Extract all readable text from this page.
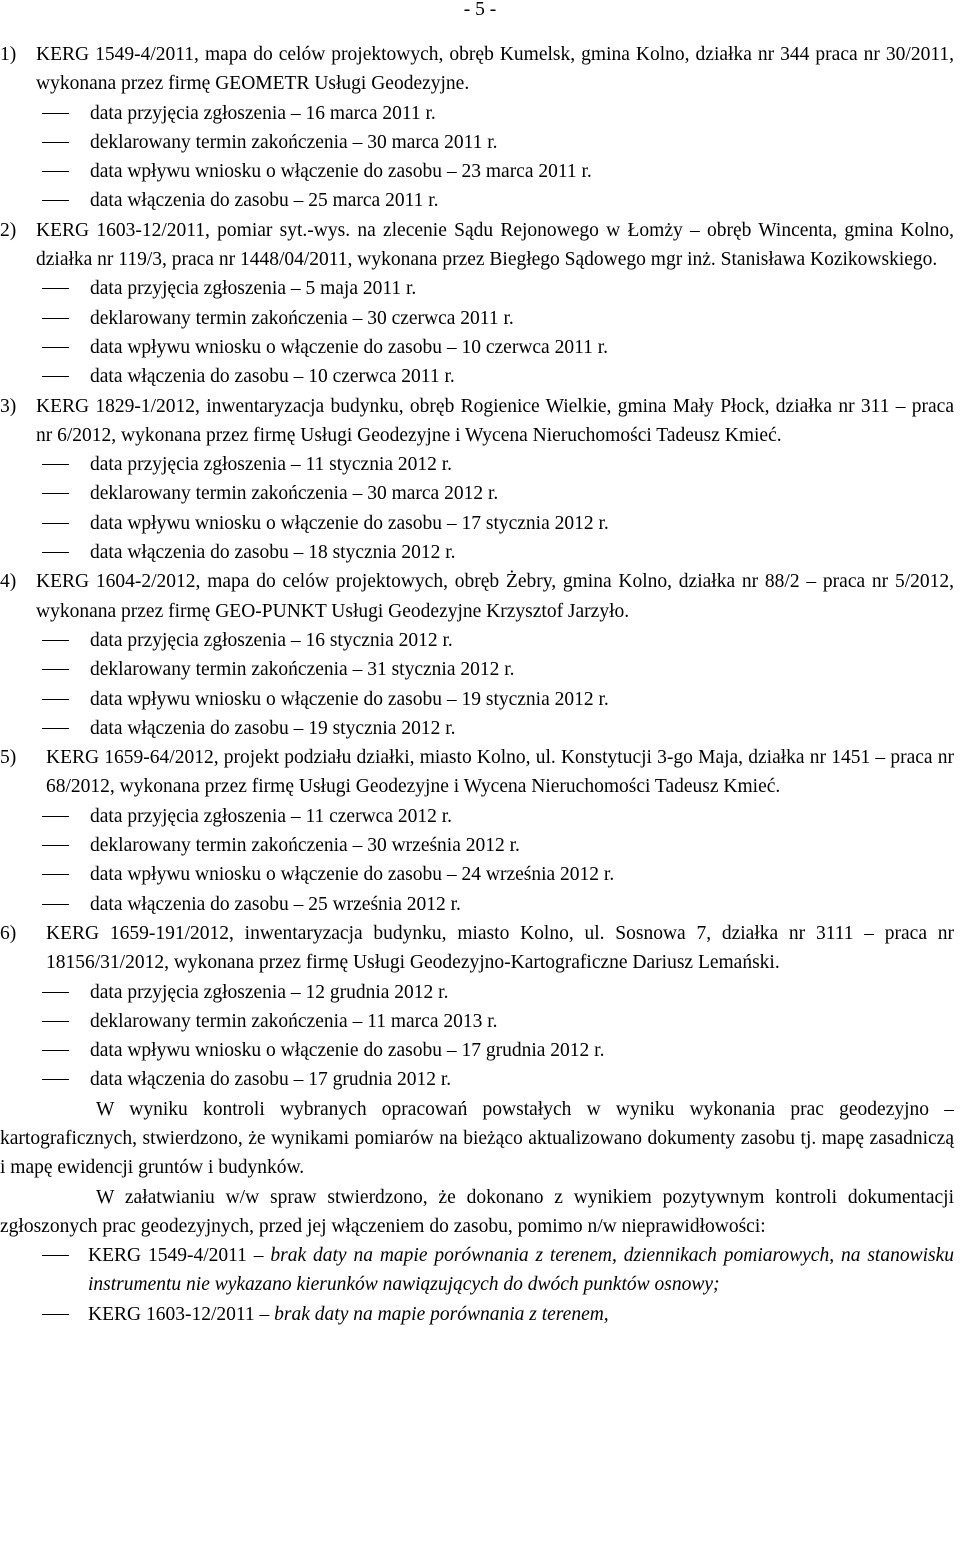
- 5 -
1) KERG 1549-4/2011, mapa do celów projektowych, obręb Kumelsk, gmina Kolno, działka nr 344 praca nr 30/2011, wykonana przez firmę GEOMETR Usługi Geodezyjne.
data przyjęcia zgłoszenia – 16 marca 2011 r.
deklarowany termin zakończenia – 30 marca 2011 r.
data wpływu wniosku o włączenie do zasobu – 23 marca 2011 r.
data włączenia do zasobu – 25 marca 2011 r.
2) KERG 1603-12/2011, pomiar syt.-wys. na zlecenie Sądu Rejonowego w Łomży – obręb Wincenta, gmina Kolno, działka nr 119/3, praca nr 1448/04/2011, wykonana przez Biegłego Sądowego mgr inż. Stanisława Kozikowskiego.
data przyjęcia zgłoszenia – 5 maja 2011 r.
deklarowany termin zakończenia – 30 czerwca 2011 r.
data wpływu wniosku o włączenie do zasobu – 10 czerwca 2011 r.
data włączenia do zasobu – 10 czerwca 2011 r.
3) KERG 1829-1/2012, inwentaryzacja budynku, obręb Rogienice Wielkie, gmina Mały Płock, działka nr 311 – praca nr 6/2012, wykonana przez firmę Usługi Geodezyjne i Wycena Nieruchomości Tadeusz Kmieć.
data przyjęcia zgłoszenia – 11 stycznia 2012 r.
deklarowany termin zakończenia – 30 marca 2012 r.
data wpływu wniosku o włączenie do zasobu – 17 stycznia 2012 r.
data włączenia do zasobu – 18 stycznia 2012 r.
4) KERG 1604-2/2012, mapa do celów projektowych, obręb Żebry, gmina Kolno, działka nr 88/2 – praca nr 5/2012, wykonana przez firmę GEO-PUNKT Usługi Geodezyjne Krzysztof Jarzyło.
data przyjęcia zgłoszenia – 16 stycznia 2012 r.
deklarowany termin zakończenia – 31 stycznia 2012 r.
data wpływu wniosku o włączenie do zasobu – 19 stycznia 2012 r.
data włączenia do zasobu – 19 stycznia 2012 r.
5) KERG 1659-64/2012, projekt podziału działki, miasto Kolno, ul. Konstytucji 3-go Maja, działka nr 1451 – praca nr 68/2012, wykonana przez firmę Usługi Geodezyjne i Wycena Nieruchomości Tadeusz Kmieć.
data przyjęcia zgłoszenia – 11 czerwca 2012 r.
deklarowany termin zakończenia – 30 września 2012 r.
data wpływu wniosku o włączenie do zasobu – 24 września 2012 r.
data włączenia do zasobu – 25 września 2012 r.
6) KERG 1659-191/2012, inwentaryzacja budynku, miasto Kolno, ul. Sosnowa 7, działka nr 3111 – praca nr 18156/31/2012, wykonana przez firmę Usługi Geodezyjno-Kartograficzne Dariusz Lemański.
data przyjęcia zgłoszenia – 12 grudnia 2012 r.
deklarowany termin zakończenia – 11 marca 2013 r.
data wpływu wniosku o włączenie do zasobu – 17 grudnia 2012 r.
data włączenia do zasobu – 17 grudnia 2012 r.

W wyniku kontroli wybranych opracowań powstałych w wyniku wykonania prac geodezyjno – kartograficznych, stwierdzono, że wynikami pomiarów na bieżąco aktualizowano dokumenty zasobu tj. mapę zasadniczą i mapę ewidencji gruntów i budynków.

W załatwianiu w/w spraw stwierdzono, że dokonano z wynikiem pozytywnym kontroli dokumentacji zgłoszonych prac geodezyjnych, przed jej włączeniem do zasobu, pomimo n/w nieprawidłowości:

KERG 1549-4/2011 – brak daty na mapie porównania z terenem, dziennikach pomiarowych, na stanowisku instrumentu nie wykazano kierunków nawiązujących do dwóch punktów osnowy;
KERG 1603-12/2011 – brak daty na mapie porównania z terenem,
